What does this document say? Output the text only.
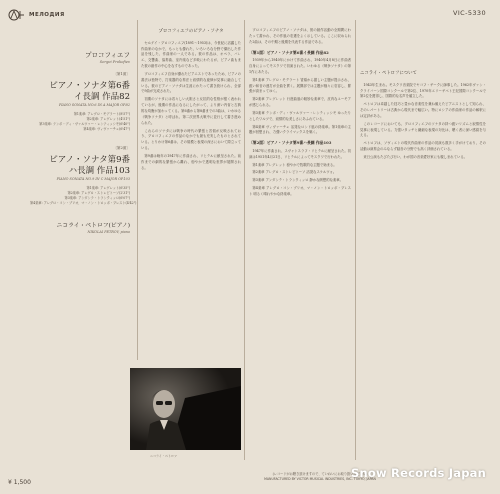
МЕЛОДИЯ	VIC-5330
プロコフィエフ
Sergei Prokofiev
〔第1面〕
ピアノ・ソナタ第6番
イ長調 作品82
PIANO SONATA NO.6 IN A MAJOR OP.82
第1楽章: アレグロ・モデラート(8'57")
第2楽章: アレグレット(4'51")
第3楽章: テンポ・ディ・ヴァルツァー・レンティッシモ(6'40")
第4楽章: ヴィヴァーチェ(6'47")
〔第2面〕
ピアノ・ソナタ第9番
ハ長調 作品103
PIANO SONATA NO.9 IN C MAJOR OP.103
第1楽章: アレグレット(6'35")
第2楽章: アレグロ・ストレピトーソ(2'31")
第3楽章: アンダンテ・トランクィッロ(6'07")
第4楽章: アレグロ・コン・ブリオ、マ・ノン・トロッポ・プレスト(4'42")
ニコライ・ペトロフ(ピアノ)
NIKOLAI PETROV, piano
プロコフィエフのピアノ・ソナタ

セルゲイ・プロコフィエフ(1891〜1953)は、今世紀に活躍した作曲家のなかで、もっとも優れた、いろいろな分野で傑出した作品を残した、作曲家の一人である。彼の作品は、オペラ、バレエ、交響曲、協奏曲、室内楽など多岐にわたるが、ピアノ曲もまた彼の創作の中心をなすものであった。

プロコフィエフ自身が優れたピアニストであったため、ピアノの書法は独特で、打楽器的な奏法と叙情的な旋律が見事に融合している。彼のピアノ・ソナタは生涯にわたって書き続けられ、全部で9曲が完成された。

初期のソナタには若々しい大胆さと反抗的な性格が強く表われているが、後期の作品になるにしたがって、より深い内省と古典的な均衡が加わってくる。第6番から第8番までの3曲は、いわゆる《戦争ソナタ》と呼ばれ、第二次世界大戦中に並行して書き進められた。

これらのソナタには戦争の時代の緊張と苦悩が反映されており、プロコフィエフの作品のなかでも最も充実したものとされている。とりわけ第6番は、その規模と表現の深さにおいて際立っている。

第9番は晩年の1947年に作曲され、リヒテルに献呈された。前作までの劇的な緊張から離れ、穏やかで透明な世界が展開される。

ニコライ・ペトロフ

プロコフィエフのピアノ・ソナタは、彼の創作活動の全期間にわたって書かれ、その作風の変遷をよく示している。ここに収められた2曲は、その中期と後期を代表する作品である。

〔第1面〕ピアノ・ソナタ第6番イ長調 作品82

1939年から1940年にかけて作曲され、1940年4月8日に作曲者自身によってモスクワで初演された。いわゆる《戦争ソナタ》の第1作にあたる。

第1楽章 アレグロ・モデラート 冒頭から激しい主題が提示され、鋭い和音の連打が全曲を貫く。展開部では主題が様々に変容し、緊張が高まってゆく。

第2楽章 アレグレット 行進曲風の軽妙な楽章で、皮肉なユーモアが感じられる。

第3楽章 テンポ・ディ・ヴァルツァー・レンティッシモ ゆったりとしたワルツで、叙情的な美しさにあふれている。

第4楽章 ヴィヴァーチェ 活発なロンド風の終楽章。第1楽章の主題が回想され、力強いクライマックスを築く。

〔第2面〕ピアノ・ソナタ第9番ハ長調 作品103

1947年に作曲され、スヴャトスラフ・リヒテルに献呈された。初演は1951年4月21日、リヒテルによってモスクワで行われた。

第1楽章 アレグレット 穏やかで牧歌的な主題で始まる。

第2楽章 アレグロ・ストレピトーソ 活発なスケルツォ。

第3楽章 アンダンテ・トランクィッロ 静かな瞑想的な楽章。

第4楽章 アレグロ・コン・ブリオ、マ・ノン・トロッポ・プレスト 明るく晴れやかな終楽章。

ニコライ・ペトロフについて

1943年生まれ。モスクワ音楽院でヤコフ・ザークに師事した。1962年ヴァン・クライバーン国際コンクールで第2位、1970年エリーザベト王妃国際コンクールで第2位を獲得し、国際的な名声を確立した。

ペトロフは卓越した技巧と豊かな音楽性を兼ね備えたピアニストとして知られ、そのレパートリーは古典から現代まで幅広い。特にロシアの作曲家の作品の解釈には定評がある。

このレコードにおいても、プロコフィエフのソナタの持つ鋭いリズムと叙情性を見事に表現している。力強いタッチと繊細な表現の対比は、聴く者に深い感銘を与える。

ペトロフは、ソヴィエトの現代作曲家の作品の初演も数多く手がけており、その活動は演奏会のみならず録音の分野でも高く評価されている。

来日公演もたびたび行い、わが国の音楽愛好家にも親しまれている。

¥ 1,500
(レコードがお聴き頂けますので、ていねいにお取り扱いください)
MANUFACTURED BY VICTOR MUSICAL INDUSTRIES, INC. TOKYO, JAPAN
Snow Records Japan
